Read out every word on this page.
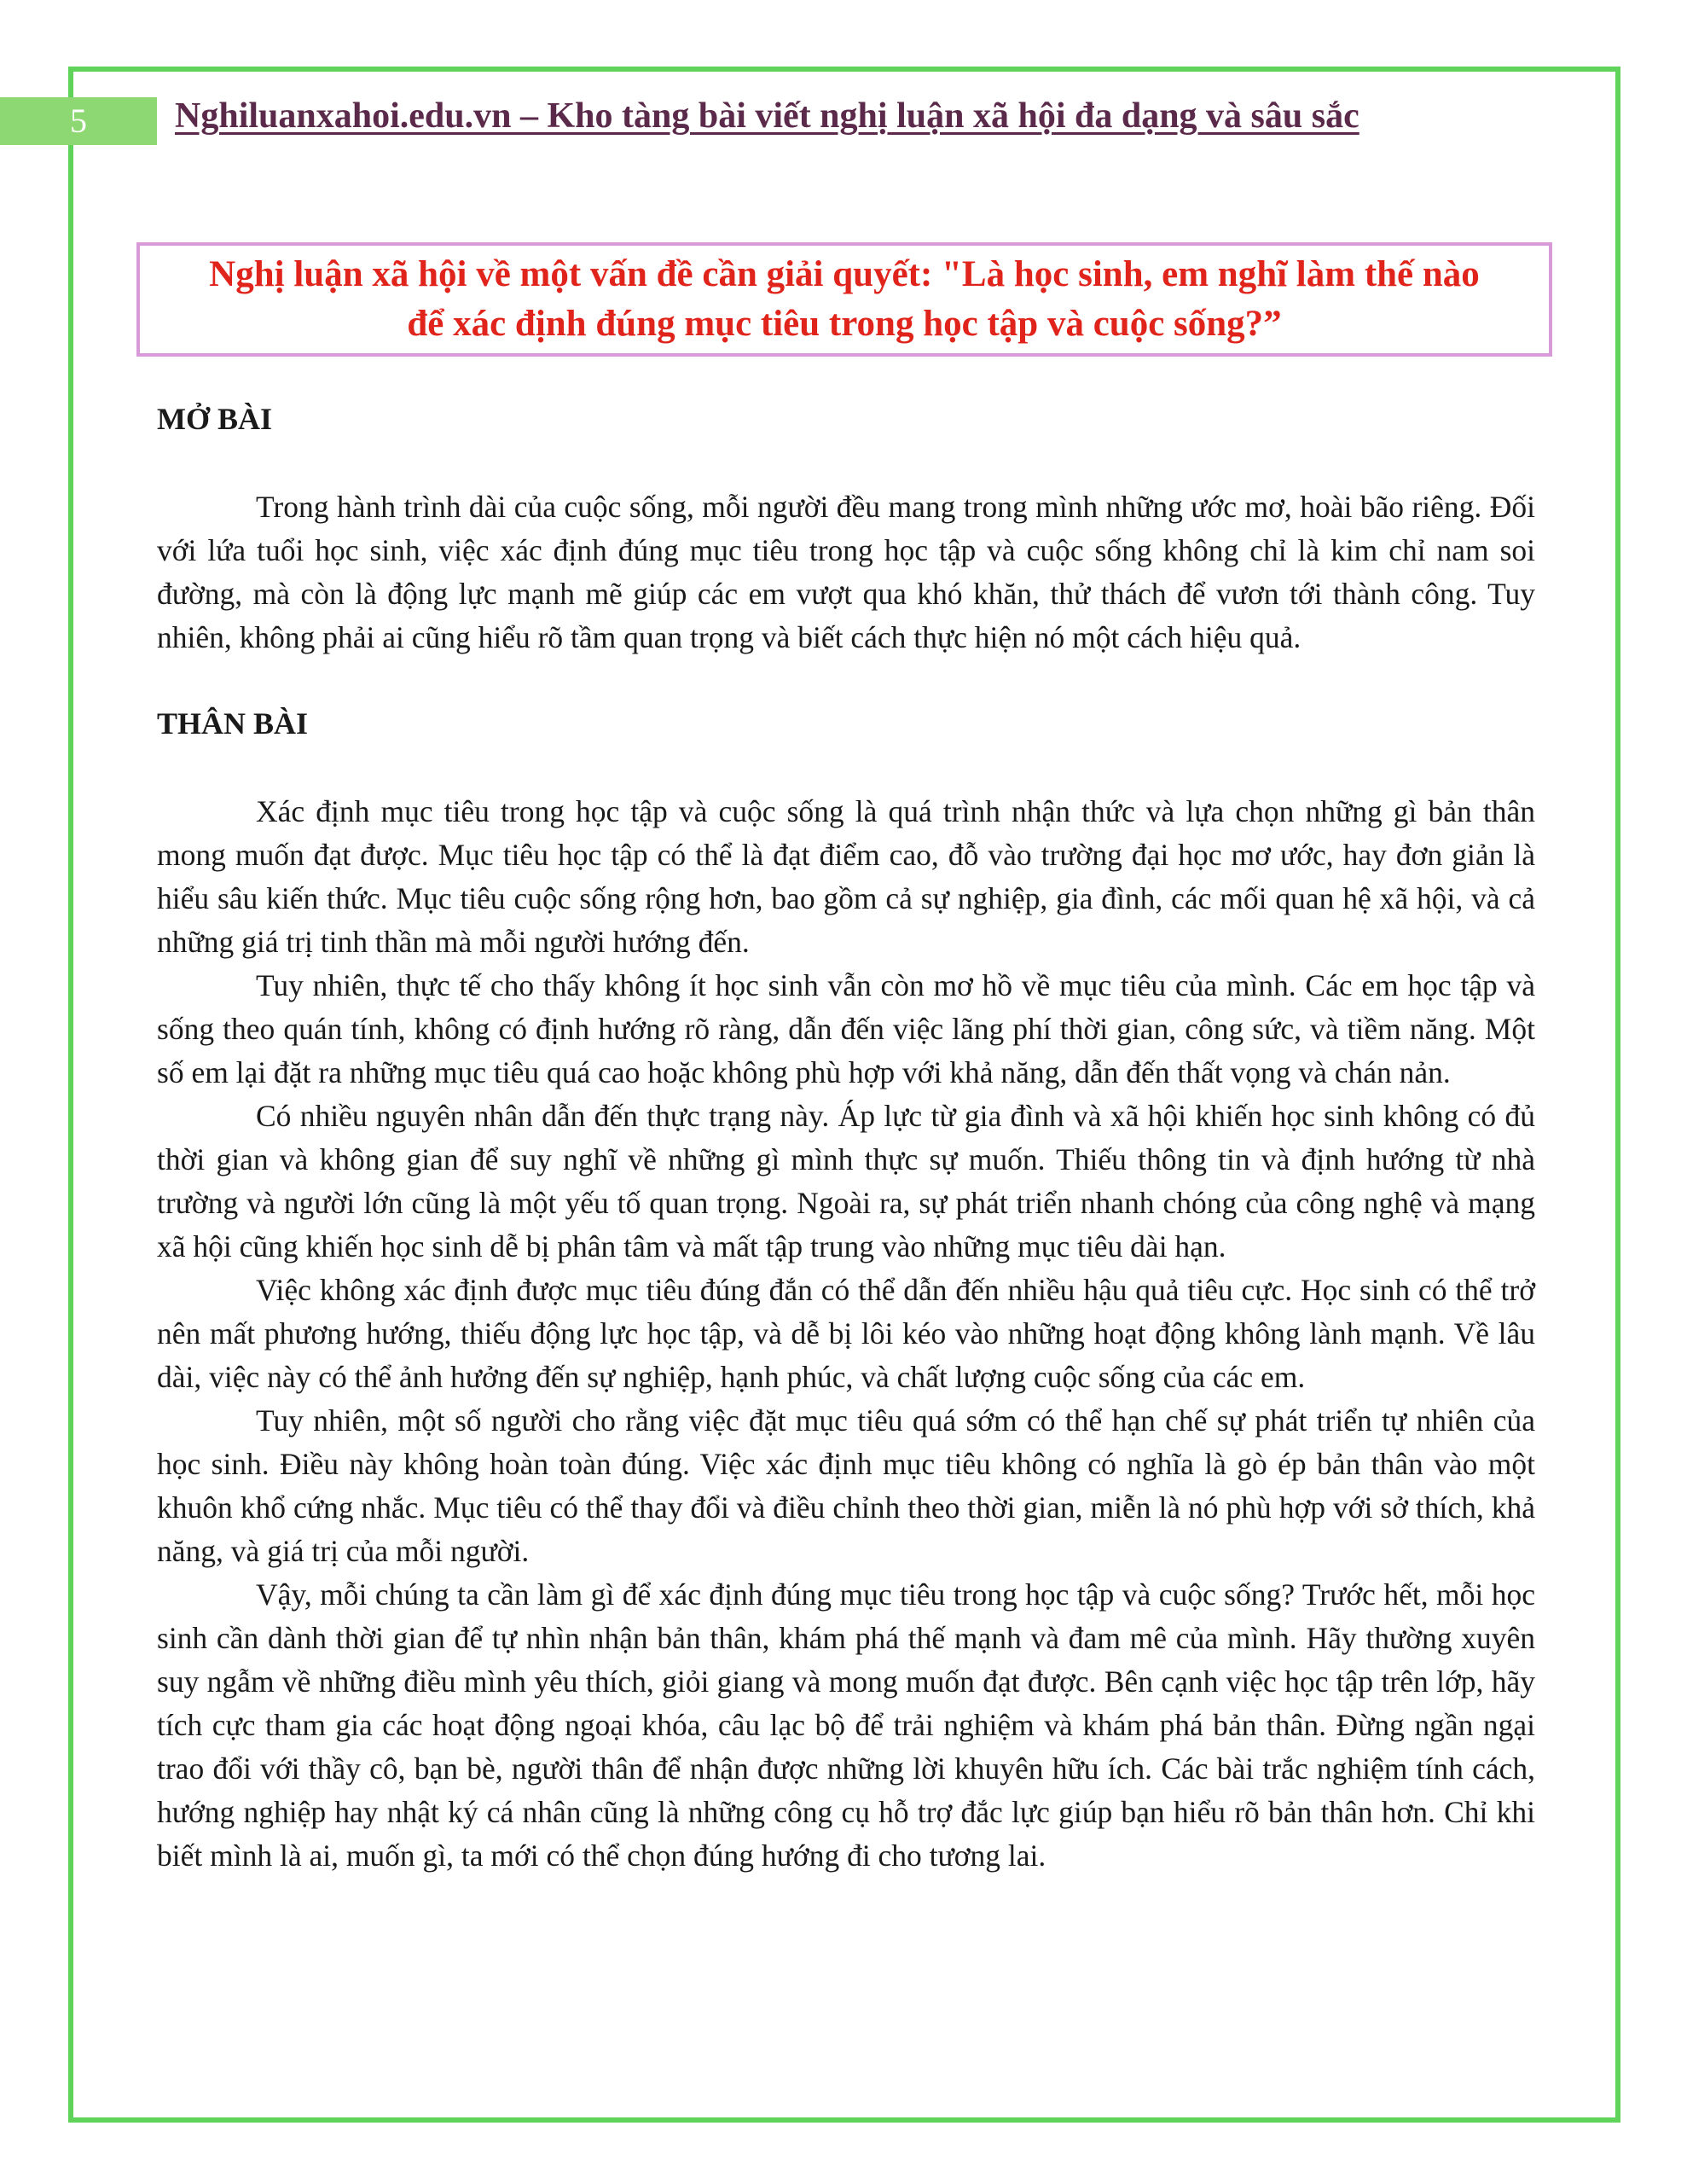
5	Nghiluanxahoi.edu.vn – Kho tàng bài viết nghị luận xã hội đa dạng và sâu sắc
Nghị luận xã hội về một vấn đề cần giải quyết: "Là học sinh, em nghĩ làm thế nào
để xác định đúng mục tiêu trong học tập và cuộc sống?”
MỞ BÀI

Trong hành trình dài của cuộc sống, mỗi người đều mang trong mình những ước mơ, hoài bão riêng. Đối với lứa tuổi học sinh, việc xác định đúng mục tiêu trong học tập và cuộc sống không chỉ là kim chỉ nam soi đường, mà còn là động lực mạnh mẽ giúp các em vượt qua khó khăn, thử thách để vươn tới thành công. Tuy nhiên, không phải ai cũng hiểu rõ tầm quan trọng và biết cách thực hiện nó một cách hiệu quả.

THÂN BÀI

Xác định mục tiêu trong học tập và cuộc sống là quá trình nhận thức và lựa chọn những gì bản thân mong muốn đạt được. Mục tiêu học tập có thể là đạt điểm cao, đỗ vào trường đại học mơ ước, hay đơn giản là hiểu sâu kiến thức. Mục tiêu cuộc sống rộng hơn, bao gồm cả sự nghiệp, gia đình, các mối quan hệ xã hội, và cả những giá trị tinh thần mà mỗi người hướng đến.

Tuy nhiên, thực tế cho thấy không ít học sinh vẫn còn mơ hồ về mục tiêu của mình. Các em học tập và sống theo quán tính, không có định hướng rõ ràng, dẫn đến việc lãng phí thời gian, công sức, và tiềm năng. Một số em lại đặt ra những mục tiêu quá cao hoặc không phù hợp với khả năng, dẫn đến thất vọng và chán nản.

Có nhiều nguyên nhân dẫn đến thực trạng này. Áp lực từ gia đình và xã hội khiến học sinh không có đủ thời gian và không gian để suy nghĩ về những gì mình thực sự muốn. Thiếu thông tin và định hướng từ nhà trường và người lớn cũng là một yếu tố quan trọng. Ngoài ra, sự phát triển nhanh chóng của công nghệ và mạng xã hội cũng khiến học sinh dễ bị phân tâm và mất tập trung vào những mục tiêu dài hạn.

Việc không xác định được mục tiêu đúng đắn có thể dẫn đến nhiều hậu quả tiêu cực. Học sinh có thể trở nên mất phương hướng, thiếu động lực học tập, và dễ bị lôi kéo vào những hoạt động không lành mạnh. Về lâu dài, việc này có thể ảnh hưởng đến sự nghiệp, hạnh phúc, và chất lượng cuộc sống của các em.

Tuy nhiên, một số người cho rằng việc đặt mục tiêu quá sớm có thể hạn chế sự phát triển tự nhiên của học sinh. Điều này không hoàn toàn đúng. Việc xác định mục tiêu không có nghĩa là gò ép bản thân vào một khuôn khổ cứng nhắc. Mục tiêu có thể thay đổi và điều chỉnh theo thời gian, miễn là nó phù hợp với sở thích, khả năng, và giá trị của mỗi người.

Vậy, mỗi chúng ta cần làm gì để xác định đúng mục tiêu trong học tập và cuộc sống? Trước hết, mỗi học sinh cần dành thời gian để tự nhìn nhận bản thân, khám phá thế mạnh và đam mê của mình. Hãy thường xuyên suy ngẫm về những điều mình yêu thích, giỏi giang và mong muốn đạt được. Bên cạnh việc học tập trên lớp, hãy tích cực tham gia các hoạt động ngoại khóa, câu lạc bộ để trải nghiệm và khám phá bản thân. Đừng ngần ngại trao đổi với thầy cô, bạn bè, người thân để nhận được những lời khuyên hữu ích. Các bài trắc nghiệm tính cách, hướng nghiệp hay nhật ký cá nhân cũng là những công cụ hỗ trợ đắc lực giúp bạn hiểu rõ bản thân hơn. Chỉ khi biết mình là ai, muốn gì, ta mới có thể chọn đúng hướng đi cho tương lai.
